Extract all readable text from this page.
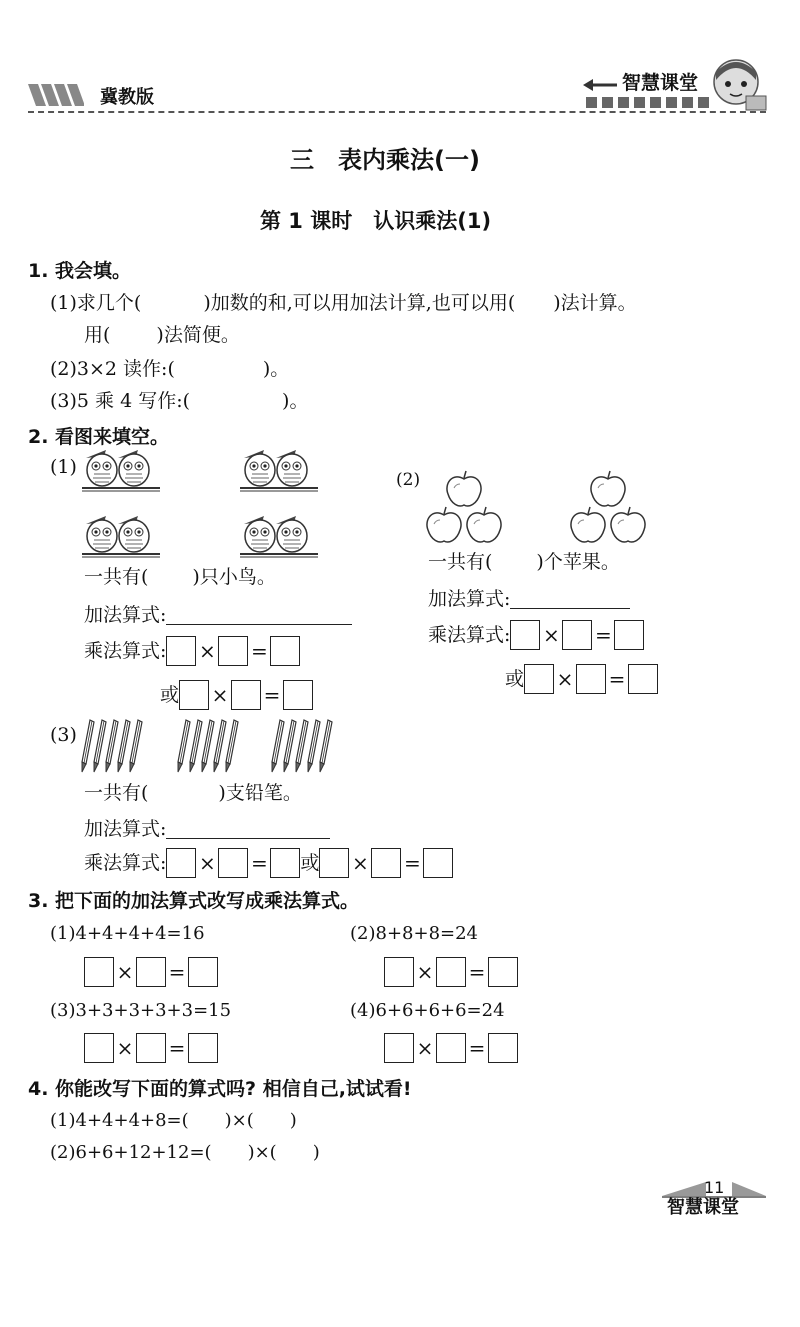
冀教版
智慧课堂
三　表内乘法(一)
第 1 课时　认识乘法(1)
1. 我会填。
(1)求几个(	)加数的和,可以用加法计算,也可以用( )法计算。
用( )法简便。
(2)3×2 读作:(	)。
(3)5 乘 4 写作:(	)。
2. 看图来填空。
(1)
一共有( )只小鸟。
加法算式:
乘法算式: × =
或 × =
(2)
一共有( )个苹果。
加法算式:
乘法算式: × =
或 × =
(3)
一共有(	)支铅笔。
加法算式:
乘法算式: × = 或 × =
3. 把下面的加法算式改写成乘法算式。
(1)4+4+4+4=16	(2)8+8+8=24
× =	× =
(3)3+3+3+3+3=15	(4)6+6+6+6=24
× =	× =
4. 你能改写下面的算式吗? 相信自己,试试看!
(1)4+4+4+8=( )×( )
(2)6+6+12+12=( )×( )
11
智慧课堂
